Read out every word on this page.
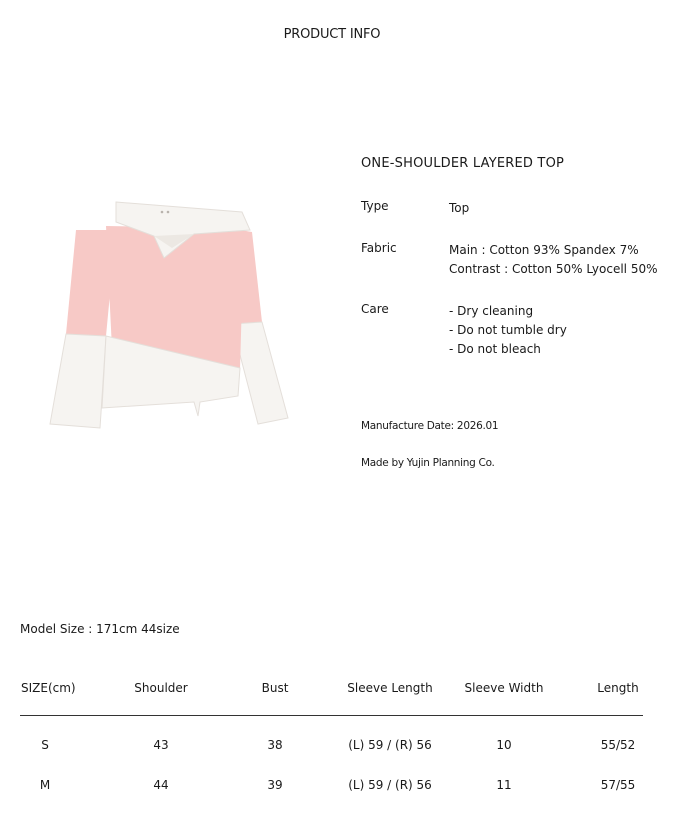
PRODUCT INFO
ONE-SHOULDER LAYERED TOP
Type	Top
Fabric	Main : Cotton 93% Spandex 7%
Contrast : Cotton 50% Lyocell 50%
Care	- Dry cleaning
- Do not tumble dry
- Do not bleach
Manufacture Date: 2026.01
Made by Yujin Planning Co.
Model Size : 171cm 44size
SIZE(cm)	Shoulder	Bust	Sleeve Length	Sleeve Width	Length
S	43	38	(L) 59 / (R) 56	10	55/52
M	44	39	(L) 59 / (R) 56	11	57/55
